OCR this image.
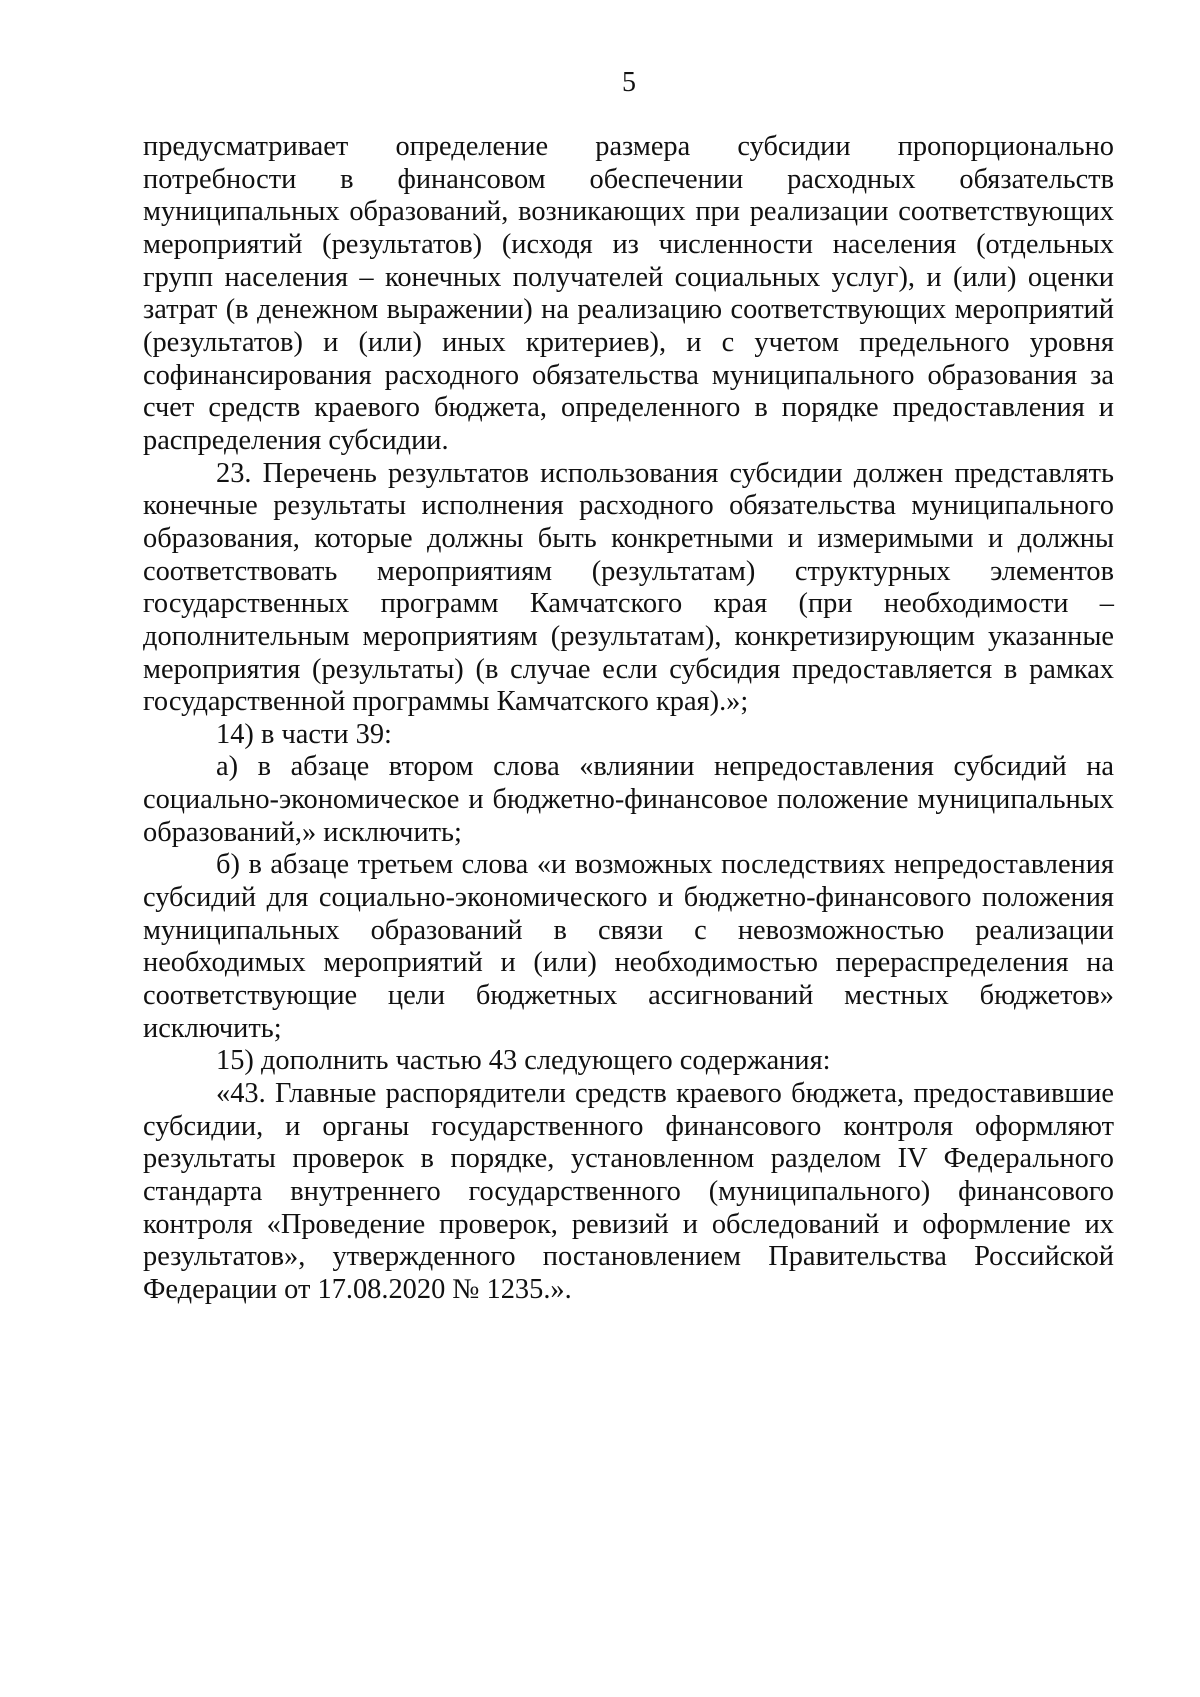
5

предусматривает определение размера субсидии пропорционально потребности в финансовом обеспечении расходных обязательств муниципальных образований, возникающих при реализации соответствующих мероприятий (результатов) (исходя из численности населения (отдельных групп населения – конечных получателей социальных услуг), и (или) оценки затрат (в денежном выражении) на реализацию соответствующих мероприятий (результатов) и (или) иных критериев), и с учетом предельного уровня софинансирования расходного обязательства муниципального образования за счет средств краевого бюджета, определенного в порядке предоставления и распределения субсидии.

23. Перечень результатов использования субсидии должен представлять конечные результаты исполнения расходного обязательства муниципального образования, которые должны быть конкретными и измеримыми и должны соответствовать мероприятиям (результатам) структурных элементов государственных программ Камчатского края (при необходимости – дополнительным мероприятиям (результатам), конкретизирующим указанные мероприятия (результаты) (в случае если субсидия предоставляется в рамках государственной программы Камчатского края).»;

14) в части 39:

а) в абзаце втором слова «влиянии непредоставления субсидий на социально-экономическое и бюджетно-финансовое положение муниципальных образований,» исключить;

б) в абзаце третьем слова «и возможных последствиях непредоставления субсидий для социально-экономического и бюджетно-финансового положения муниципальных образований в связи с невозможностью реализации необходимых мероприятий и (или) необходимостью перераспределения на соответствующие цели бюджетных ассигнований местных бюджетов» исключить;

15) дополнить частью 43 следующего содержания:

«43. Главные распорядители средств краевого бюджета, предоставившие субсидии, и органы государственного финансового контроля оформляют результаты проверок в порядке, установленном разделом IV Федерального стандарта внутреннего государственного (муниципального) финансового контроля «Проведение проверок, ревизий и обследований и оформление их результатов», утвержденного постановлением Правительства Российской Федерации от 17.08.2020 № 1235.».
